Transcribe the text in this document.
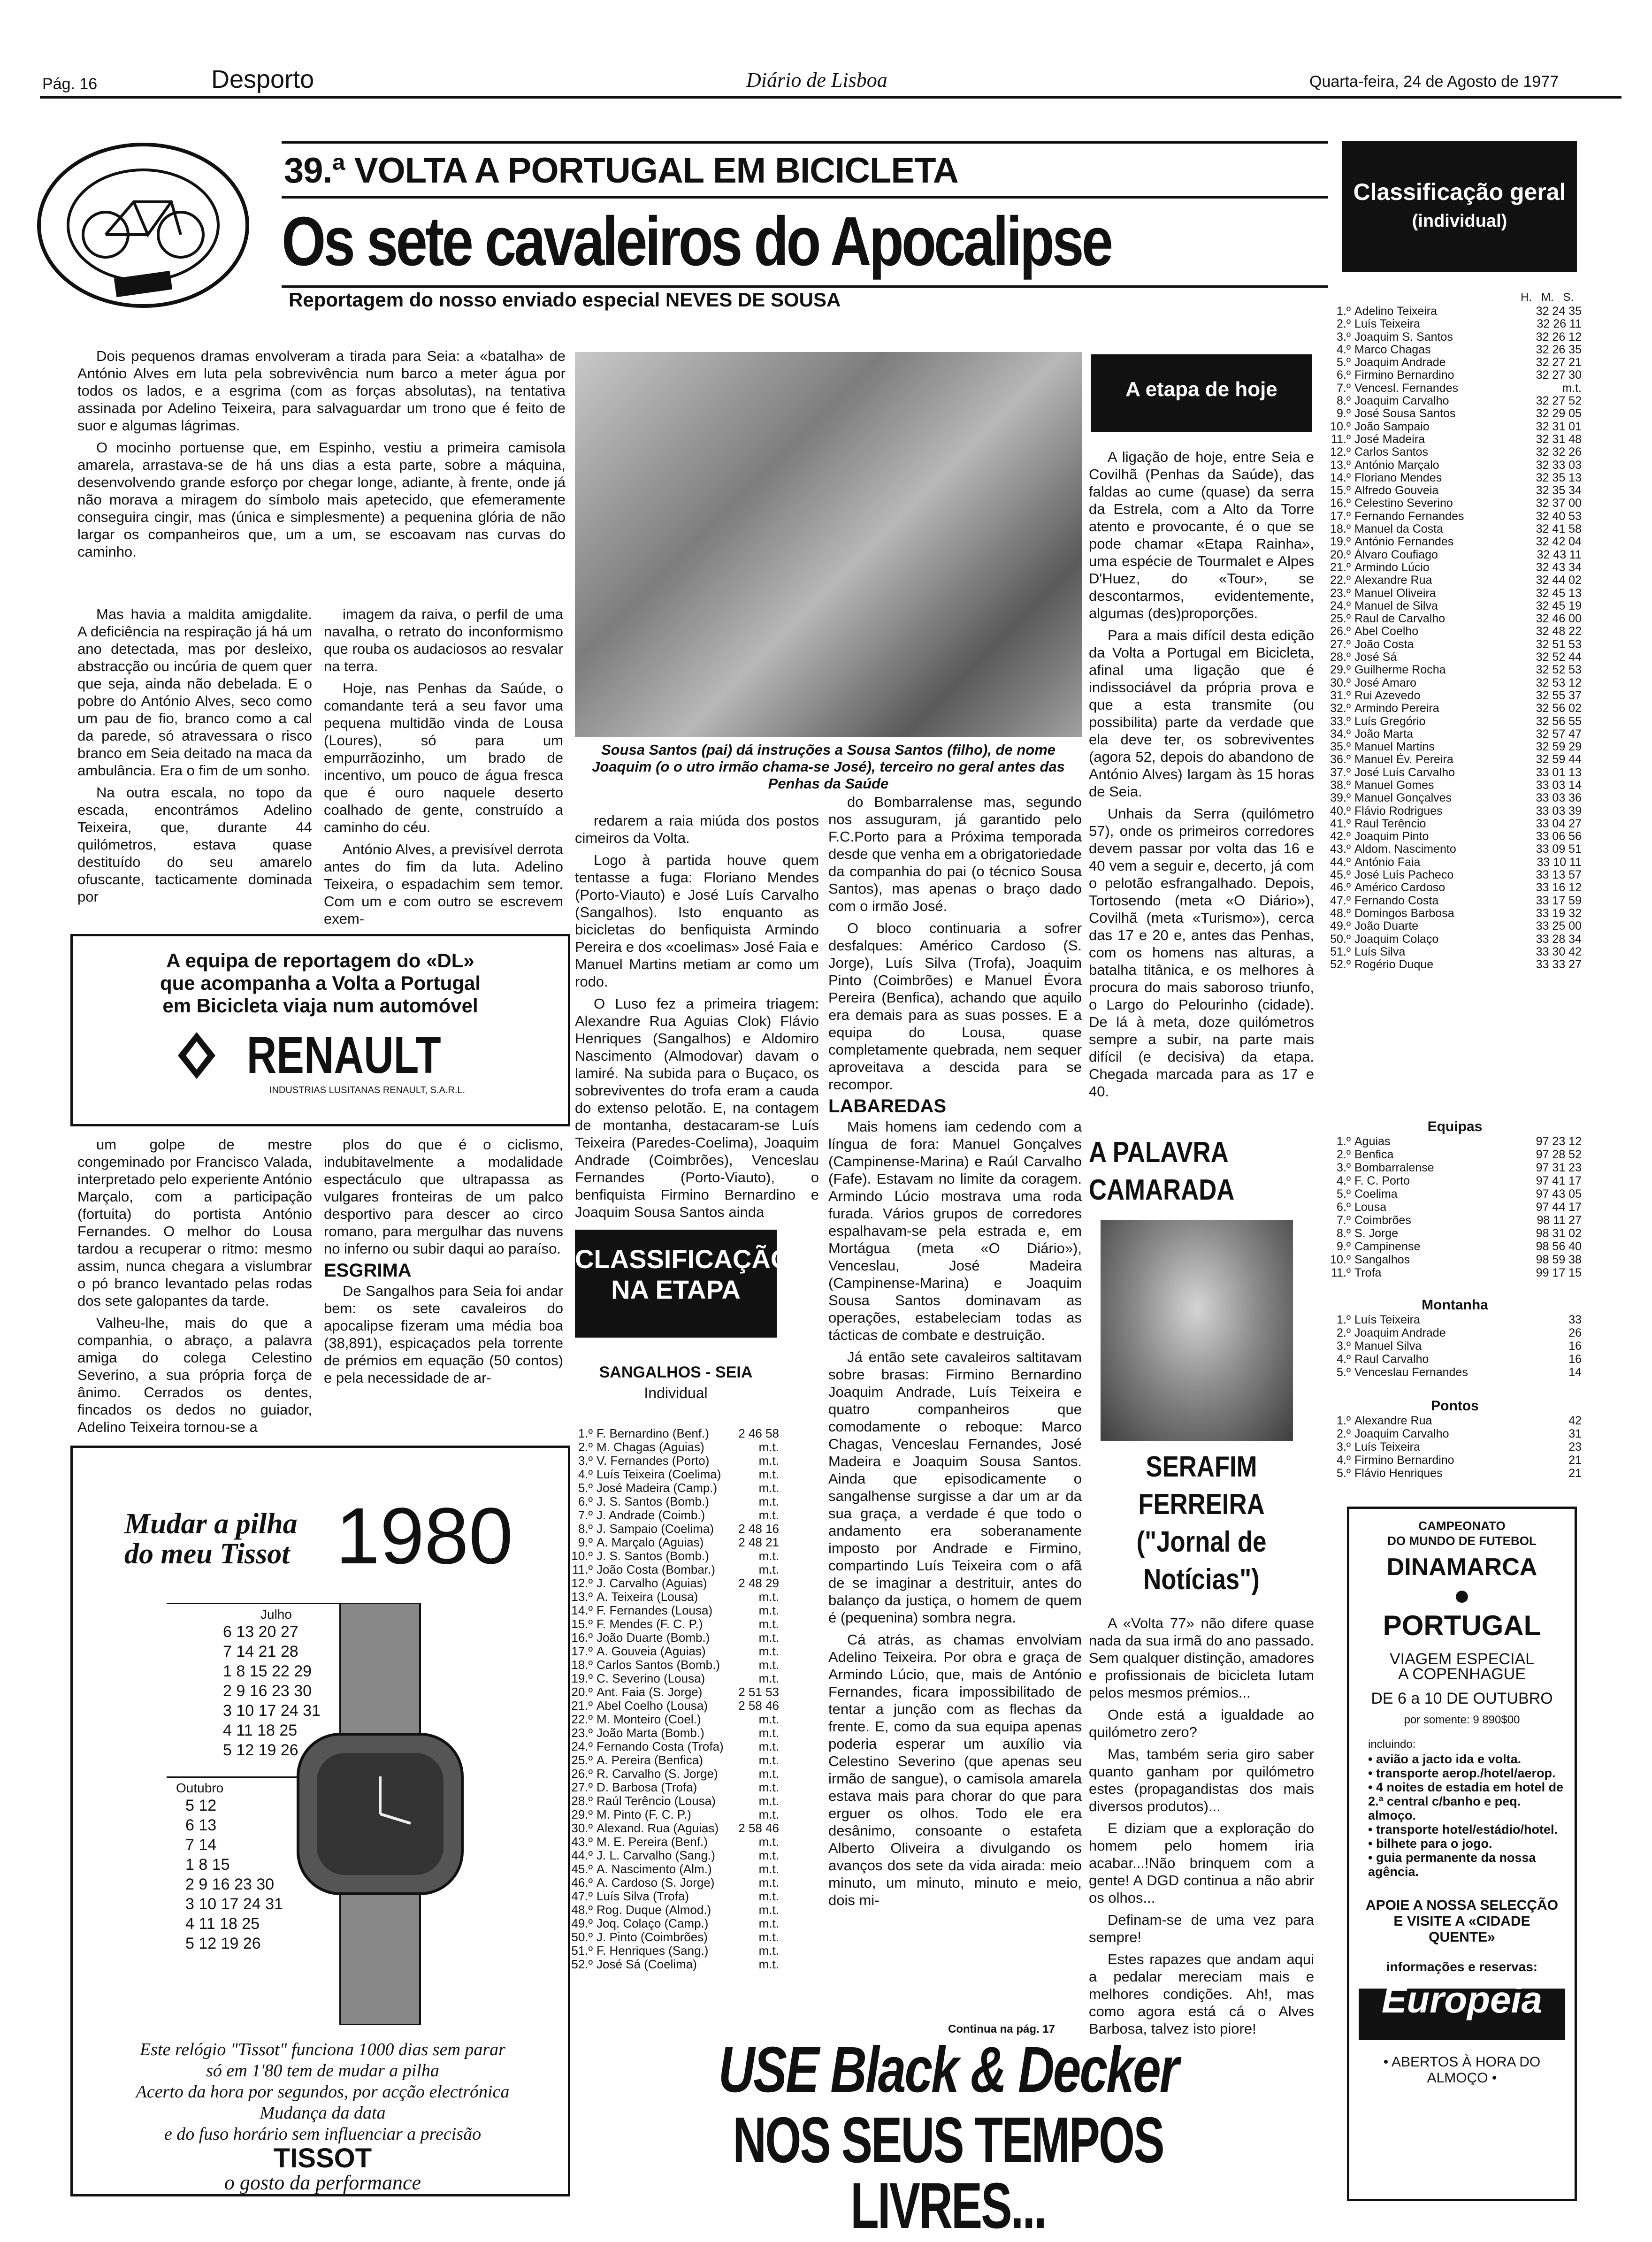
Pág. 16	Desporto	Diário de Lisboa	Quarta-feira, 24 de Agosto de 1977
39.ª VOLTA A PORTUGAL EM BICICLETA
Os sete cavaleiros do Apocalipse
Reportagem do nosso enviado especial NEVES DE SOUSA

Dois pequenos dramas envolveram a tirada para Seia: a «batalha» de António Alves em luta pela sobrevivência num barco a meter água por todos os lados, e a esgrima (com as forças absolutas), na tentativa assinada por Adelino Teixeira, para salvaguardar um trono que é feito de suor e algumas lágrimas.

O mocinho portuense que, em Espinho, vestiu a primeira camisola amarela, arrastava-se de há uns dias a esta parte, sobre a máquina, desenvolvendo grande esforço por chegar longe, adiante, à frente, onde já não morava a miragem do símbolo mais apetecido, que efemeramente conseguira cingir, mas (única e simplesmente) a pequenina glória de não largar os companheiros que, um a um, se escoavam nas curvas do caminho.

Mas havia a maldita amigdalite. A deficiência na respiração já há um ano detectada, mas por desleixo, abstracção ou incúria de quem quer que seja, ainda não debelada. E o pobre do António Alves, seco como um pau de fio, branco como a cal da parede, só atravessara o risco branco em Seia deitado na maca da ambulância. Era o fim de um sonho.

Na outra escala, no topo da escada, encontrámos Adelino Teixeira, que, durante 44 quilómetros, estava quase destituído do seu amarelo ofuscante, tacticamente dominada por

imagem da raiva, o perfil de uma navalha, o retrato do inconformismo que rouba os audaciosos ao resvalar na terra.

Hoje, nas Penhas da Saúde, o comandante terá a seu favor uma pequena multidão vinda de Lousa (Loures), só para um empurrãozinho, um brado de incentivo, um pouco de água fresca que é ouro naquele deserto coalhado de gente, construído a caminho do céu.

António Alves, a previsível derrota antes do fim da luta. Adelino Teixeira, o espadachim sem temor. Com um e com outro se escrevem exem-

Sousa Santos (pai) dá instruções a Sousa Santos (filho), de nome Joaquim (o o utro irmão chama-se José), terceiro no geral antes das Penhas da Saúde
A equipa de reportagem do «DL»
que acompanha a Volta a Portugal
em Bicicleta viaja num automóvel
RENAULT
INDUSTRIAS LUSITANAS RENAULT, S.A.R.L.

um golpe de mestre congeminado por Francisco Valada, interpretado pelo experiente António Marçalo, com a participação (fortuita) do portista António Fernandes. O melhor do Lousa tardou a recuperar o ritmo: mesmo assim, nunca chegara a vislumbrar o pó branco levantado pelas rodas dos sete galopantes da tarde.

Valheu-lhe, mais do que a companhia, o abraço, a palavra amiga do colega Celestino Severino, a sua própria força de ânimo. Cerrados os dentes, fincados os dedos no guiador, Adelino Teixeira tornou-se a

plos do que é o ciclismo, indubitavelmente a modalidade espectáculo que ultrapassa as vulgares fronteiras de um palco desportivo para descer ao circo romano, para mergulhar das nuvens no inferno ou subir daqui ao paraíso.

ESGRIMA

De Sangalhos para Seia foi andar bem: os sete cavaleiros do apocalipse fizeram uma média boa (38,891), espicaçados pela torrente de prémios em equação (50 contos) e pela necessidade de ar-

redarem a raia miúda dos postos cimeiros da Volta.

Logo à partida houve quem tentasse a fuga: Floriano Mendes (Porto-Viauto) e José Luís Carvalho (Sangalhos). Isto enquanto as bicicletas do benfiquista Armindo Pereira e dos «coelimas» José Faia e Manuel Martins metiam ar como um rodo.

O Luso fez a primeira triagem: Alexandre Rua Aguias Clok) Flávio Henriques (Sangalhos) e Aldomiro Nascimento (Almodovar) davam o lamiré. Na subida para o Buçaco, os sobreviventes do trofa eram a cauda do extenso pelotão. E, na contagem de montanha, destacaram-se Luís Teixeira (Paredes-Coelima), Joaquim Andrade (Coimbrões), Venceslau Fernandes (Porto-Viauto), o benfiquista Firmino Bernardino e Joaquim Sousa Santos ainda

CLASSIFICAÇÃO
NA ETAPA
SANGALHOS - SEIA
Individual
1.º F. Bernardino (Benf.)	2 46 58
2.º M. Chagas (Aguias)	m.t.
3.º V. Fernandes (Porto)	m.t.
4.º Luís Teixeira (Coelima)	m.t.
5.º José Madeira (Camp.)	m.t.
6.º J. S. Santos (Bomb.)	m.t.
7.º J. Andrade (Coimb.)	m.t.
8.º J. Sampaio (Coelima)	2 48 16
9.º A. Marçalo (Aguias)	2 48 21
10.º J. S. Santos (Bomb.)	m.t.
11.º João Costa (Bombar.)	m.t.
12.º J. Carvalho (Aguias)	2 48 29
13.º A. Teixeira (Lousa)	m.t.
14.º F. Fernandes (Lousa)	m.t.
15.º F. Mendes (F. C. P.)	m.t.
16.º João Duarte (Bomb.)	m.t.
17.º A. Gouveia (Aguias)	m.t.
18.º Carlos Santos (Bomb.)	m.t.
19.º C. Severino (Lousa)	m.t.
20.º Ant. Faia (S. Jorge)	2 51 53
21.º Abel Coelho (Lousa)	2 58 46
22.º M. Monteiro (Coel.)	m.t.
23.º João Marta (Bomb.)	m.t.
24.º Fernando Costa (Trofa)	m.t.
25.º A. Pereira (Benfica)	m.t.
26.º R. Carvalho (S. Jorge)	m.t.
27.º D. Barbosa (Trofa)	m.t.
28.º Raúl Terêncio (Lousa)	m.t.
29.º M. Pinto (F. C. P.)	m.t.
30.º Alexand. Rua (Aguias)	2 58 46
43.º M. E. Pereira (Benf.)	m.t.
44.º J. L. Carvalho (Sang.)	m.t.
45.º A. Nascimento (Alm.)	m.t.
46.º A. Cardoso (S. Jorge)	m.t.
47.º Luís Silva (Trofa)	m.t.
48.º Rog. Duque (Almod.)	m.t.
49.º Joq. Colaço (Camp.)	m.t.
50.º J. Pinto (Coimbrões)	m.t.
51.º F. Henriques (Sang.)	m.t.
52.º José Sá (Coelima)	m.t.

do Bombarralense mas, segundo nos assuguram, já garantido pelo F.C.Porto para a Próxima temporada desde que venha em a obrigatoriedade da companhia do pai (o técnico Sousa Santos), mas apenas o braço dado com o irmão José.

O bloco continuaria a sofrer desfalques: Américo Cardoso (S. Jorge), Luís Silva (Trofa), Joaquim Pinto (Coimbrões) e Manuel Évora Pereira (Benfica), achando que aquilo era demais para as suas posses. E a equipa do Lousa, quase completamente quebrada, nem sequer aproveitava a descida para se recompor.

LABAREDAS

Mais homens iam cedendo com a língua de fora: Manuel Gonçalves (Campinense-Marina) e Raúl Carvalho (Fafe). Estavam no limite da coragem. Armindo Lúcio mostrava uma roda furada. Vários grupos de corredores espalhavam-se pela estrada e, em Mortágua (meta «O Diário»), Venceslau, José Madeira (Campinense-Marina) e Joaquim Sousa Santos dominavam as operações, estabeleciam todas as tácticas de combate e destruição.

Já então sete cavaleiros saltitavam sobre brasas: Firmino Bernardino Joaquim Andrade, Luís Teixeira e quatro companheiros que comodamente o reboque: Marco Chagas, Venceslau Fernandes, José Madeira e Joaquim Sousa Santos. Ainda que episodicamente o sangalhense surgisse a dar um ar da sua graça, a verdade é que todo o andamento era soberanamente imposto por Andrade e Firmino, compartindo Luís Teixeira com o afã de se imaginar a destrituir, antes do balanço da justiça, o homem de quem é (pequenina) sombra negra.

Cá atrás, as chamas envolviam Adelino Teixeira. Por obra e graça de Armindo Lúcio, que, mais de António Fernandes, ficara impossibilitado de tentar a junção com as flechas da frente. E, como da sua equipa apenas poderia esperar um auxílio via Celestino Severino (que apenas seu irmão de sangue), o camisola amarela estava mais para chorar do que para erguer os olhos. Todo ele era desânimo, consoante o estafeta Alberto Oliveira a divulgando os avanços dos sete da vida airada: meio minuto, um minuto, minuto e meio, dois mi-

Continua na pág. 17
A etapa de hoje

A ligação de hoje, entre Seia e Covilhã (Penhas da Saúde), das faldas ao cume (quase) da serra da Estrela, com a Alto da Torre atento e provocante, é o que se pode chamar «Etapa Rainha», uma espécie de Tourmalet e Alpes D'Huez, do «Tour», se descontarmos, evidentemente, algumas (des)proporções.

Para a mais difícil desta edição da Volta a Portugal em Bicicleta, afinal uma ligação que é indissociável da própria prova e que a esta transmite (ou possibilita) parte da verdade que ela deve ter, os sobreviventes (agora 52, depois do abandono de António Alves) largam às 15 horas de Seia.

Unhais da Serra (quilómetro 57), onde os primeiros corredores devem passar por volta das 16 e 40 vem a seguir e, decerto, já com o pelotão esfrangalhado. Depois, Tortosendo (meta «O Diário»), Covilhã (meta «Turismo»), cerca das 17 e 20 e, antes das Penhas, com os homens nas alturas, a batalha titânica, e os melhores à procura do mais saboroso triunfo, o Largo do Pelourinho (cidade). De lá à meta, doze quilómetros sempre a subir, na parte mais difícil (e decisiva) da etapa. Chegada marcada para as 17 e 40.

A PALAVRA
CAMARADA
SERAFIM
FERREIRA
("Jornal de
Notícias")

A «Volta 77» não difere quase nada da sua irmã do ano passado. Sem qualquer distinção, amadores e profissionais de bicicleta lutam pelos mesmos prémios...

Onde está a igualdade ao quilómetro zero?

Mas, também seria giro saber quanto ganham por quilómetro estes (propagandistas dos mais diversos produtos)...

E diziam que a exploração do homem pelo homem iria acabar...!Não brinquem com a gente! A DGD continua a não abrir os olhos...

Definam-se de uma vez para sempre!

Estes rapazes que andam aqui a pedalar mereciam mais e melhores condições. Ah!, mas como agora está cá o Alves Barbosa, talvez isto piore!

Classificação geral
(individual)
H.   M.   S.
1.º Adelino Teixeira	32 24 35
2.º Luís Teixeira	32 26 11
3.º Joaquim S. Santos	32 26 12
4.º Marco Chagas	32 26 35
5.º Joaquim Andrade	32 27 21
6.º Firmino Bernardino	32 27 30
7.º Vencesl. Fernandes	m.t.
8.º Joaquim Carvalho	32 27 52
9.º José Sousa Santos	32 29 05
10.º João Sampaio	32 31 01
11.º José Madeira	32 31 48
12.º Carlos Santos	32 32 26
13.º António Marçalo	32 33 03
14.º Floriano Mendes	32 35 13
15.º Alfredo Gouveia	32 35 34
16.º Celestino Severino	32 37 00
17.º Fernando Fernandes	32 40 53
18.º Manuel da Costa	32 41 58
19.º António Fernandes	32 42 04
20.º Álvaro Coufiago	32 43 11
21.º Armindo Lúcio	32 43 34
22.º Alexandre Rua	32 44 02
23.º Manuel Oliveira	32 45 13
24.º Manuel de Silva	32 45 19
25.º Raul de Carvalho	32 46 00
26.º Abel Coelho	32 48 22
27.º João Costa	32 51 53
28.º José Sá	32 52 44
29.º Guilherme Rocha	32 52 53
30.º José Amaro	32 53 12
31.º Rui Azevedo	32 55 37
32.º Armindo Pereira	32 56 02
33.º Luís Gregório	32 56 55
34.º João Marta	32 57 47
35.º Manuel Martins	32 59 29
36.º Manuel Év. Pereira	32 59 44
37.º José Luís Carvalho	33 01 13
38.º Manuel Gomes	33 03 14
39.º Manuel Gonçalves	33 03 36
40.º Flávio Rodrigues	33 03 39
41.º Raul Terêncio	33 04 27
42.º Joaquim Pinto	33 06 56
43.º Aldom. Nascimento	33 09 51
44.º António Faia	33 10 11
45.º José Luís Pacheco	33 13 57
46.º Américo Cardoso	33 16 12
47.º Fernando Costa	33 17 59
48.º Domingos Barbosa	33 19 32
49.º João Duarte	33 25 00
50.º Joaquim Colaço	33 28 34
51.º Luís Silva	33 30 42
52.º Rogério Duque	33 33 27
Equipas
1.º Aguias	97 23 12
2.º Benfica	97 28 52
3.º Bombarralense	97 31 23
4.º F. C. Porto	97 41 17
5.º Coelima	97 43 05
6.º Lousa	97 44 17
7.º Coimbrões	98 11 27
8.º S. Jorge	98 31 02
9.º Campinense	98 56 40
10.º Sangalhos	98 59 38
11.º Trofa	99 17 15
Montanha
1.º Luís Teixeira	33
2.º Joaquim Andrade	26
3.º Manuel Silva	16
4.º Raul Carvalho	16
5.º Venceslau Fernandes	14
Pontos
1.º Alexandre Rua	42
2.º Joaquim Carvalho	31
3.º Luís Teixeira	23
4.º Firmino Bernardino	21
5.º Flávio Henriques	21
CAMPEONATO
DO MUNDO DE FUTEBOL
DINAMARCA
●
PORTUGAL
VIAGEM ESPECIAL
A COPENHAGUE
DE 6 a 10 DE OUTUBRO
por somente: 9 890$00
incluindo:
• avião a jacto ida e volta.
• transporte aerop./hotel/aerop.
• 4 noites de estadia em hotel de 2.ª central c/banho e peq. almoço.
• transporte hotel/estádio/hotel.
• bilhete para o jogo.
• guia permanente da nossa agência.
APOIE A NOSSA SELECÇÃO E VISITE A «CIDADE QUENTE»
informações e reservas:
Europeia
• ABERTOS À HORA DO ALMOÇO •
Mudar a pilha do meu Tissot 1980
Julho
6 13 20 27
7 14 21 28
1 8 15 22 29
2 9 16 23 30
3 10 17 24 31
4 11 18 25
5 12 19 26
Outubro
5 12
6 13
7 14
1 8 15
2 9 16 23 30
3 10 17 24 31
4 11 18 25
5 12 19 26
Este relógio "Tissot" funciona 1000 dias sem parar
só em 1'80 tem de mudar a pilha
Acerto da hora por segundos, por acção electrónica
Mudança da data
e do fuso horário sem influenciar a precisão
TISSOT
o gosto da performance
USE Black & Decker
NOS SEUS TEMPOS LIVRES...
